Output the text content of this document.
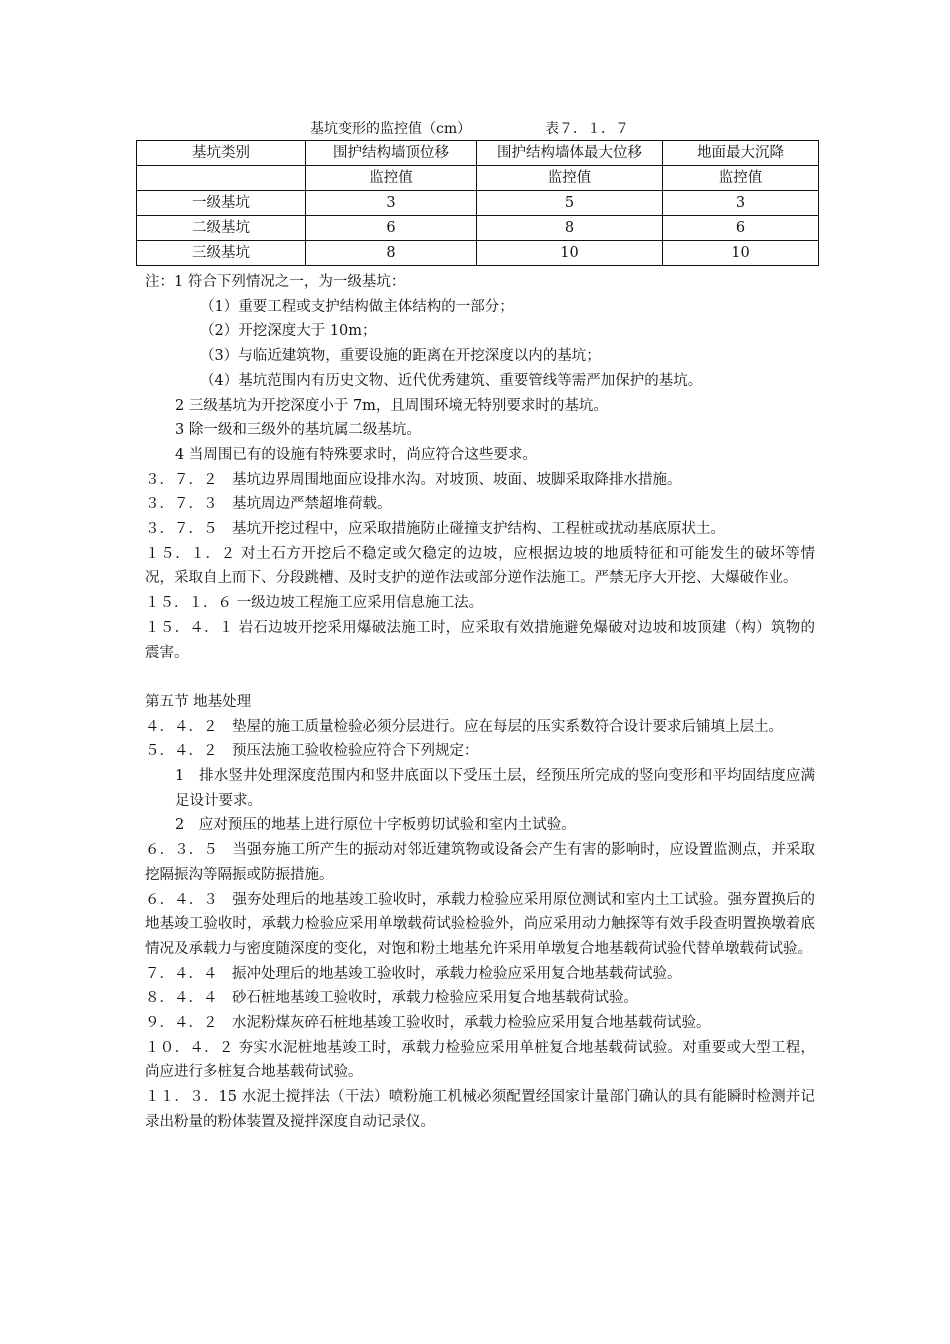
基坑变形的监控值（cm）	表７．１．７
基坑类别	围护结构墙顶位移	围护结构墙体最大位移	地面最大沉降
	监控值	监控值	监控值
一级基坑	3	5	3
二级基坑	6	8	6
三级基坑	8	10	10

注：1 符合下列情况之一，为一级基坑：

（1）重要工程或支护结构做主体结构的一部分；

（2）开挖深度大于 10m；

（3）与临近建筑物，重要设施的距离在开挖深度以内的基坑；

（4）基坑范围内有历史文物、近代优秀建筑、重要管线等需严加保护的基坑。

2 三级基坑为开挖深度小于 7m，且周围环境无特别要求时的基坑。

3 除一级和三级外的基坑属二级基坑。

4 当周围已有的设施有特殊要求时，尚应符合这些要求。

３．７．２　基坑边界周围地面应设排水沟。对坡顶、坡面、坡脚采取降排水措施。

３．７．３　基坑周边严禁超堆荷载。

３．７．５　基坑开挖过程中，应采取措施防止碰撞支护结构、工程桩或扰动基底原状土。

１５．１．２ 对土石方开挖后不稳定或欠稳定的边坡，应根据边坡的地质特征和可能发生的破坏等情况，采取自上而下、分段跳槽、及时支护的逆作法或部分逆作法施工。严禁无序大开挖、大爆破作业。

１５．１．６ 一级边坡工程施工应采用信息施工法。

１５．４．１ 岩石边坡开挖采用爆破法施工时，应采取有效措施避免爆破对边坡和坡顶建（构）筑物的震害。

第五节 地基处理

４．４．２　垫屋的施工质量检验必须分层进行。应在每层的压实系数符合设计要求后铺填上层土。

５．４．２　预压法施工验收检验应符合下列规定：

1　排水竖井处理深度范围内和竖井底面以下受压土层，经预压所完成的竖向变形和平均固结度应满足设计要求。

2　应对预压的地基上进行原位十字板剪切试验和室内土试验。

６．３．５　当强夯施工所产生的振动对邻近建筑物或设备会产生有害的影响时，应设置监测点，并采取挖隔振沟等隔振或防振措施。

６．４．３　强夯处理后的地基竣工验收时，承载力检验应采用原位测试和室内土工试验。强夯置换后的地基竣工验收时，承载力检验应采用单墩载荷试验检验外，尚应采用动力触探等有效手段查明置换墩着底情况及承载力与密度随深度的变化，对饱和粉土地基允许采用单墩复合地基载荷试验代替单墩载荷试验。

７．４．４　振冲处理后的地基竣工验收时，承载力检验应采用复合地基载荷试验。

８．４．４　砂石桩地基竣工验收时，承载力检验应采用复合地基载荷试验。

９．４．２　水泥粉煤灰碎石桩地基竣工验收时，承载力检验应采用复合地基载荷试验。

１０．４．２ 夯实水泥桩地基竣工时，承载力检验应采用单桩复合地基载荷试验。对重要或大型工程，尚应进行多桩复合地基载荷试验。

１１．３．15 水泥土搅拌法（干法）喷粉施工机械必须配置经国家计量部门确认的具有能瞬时检测并记录出粉量的粉体装置及搅拌深度自动记录仪。
